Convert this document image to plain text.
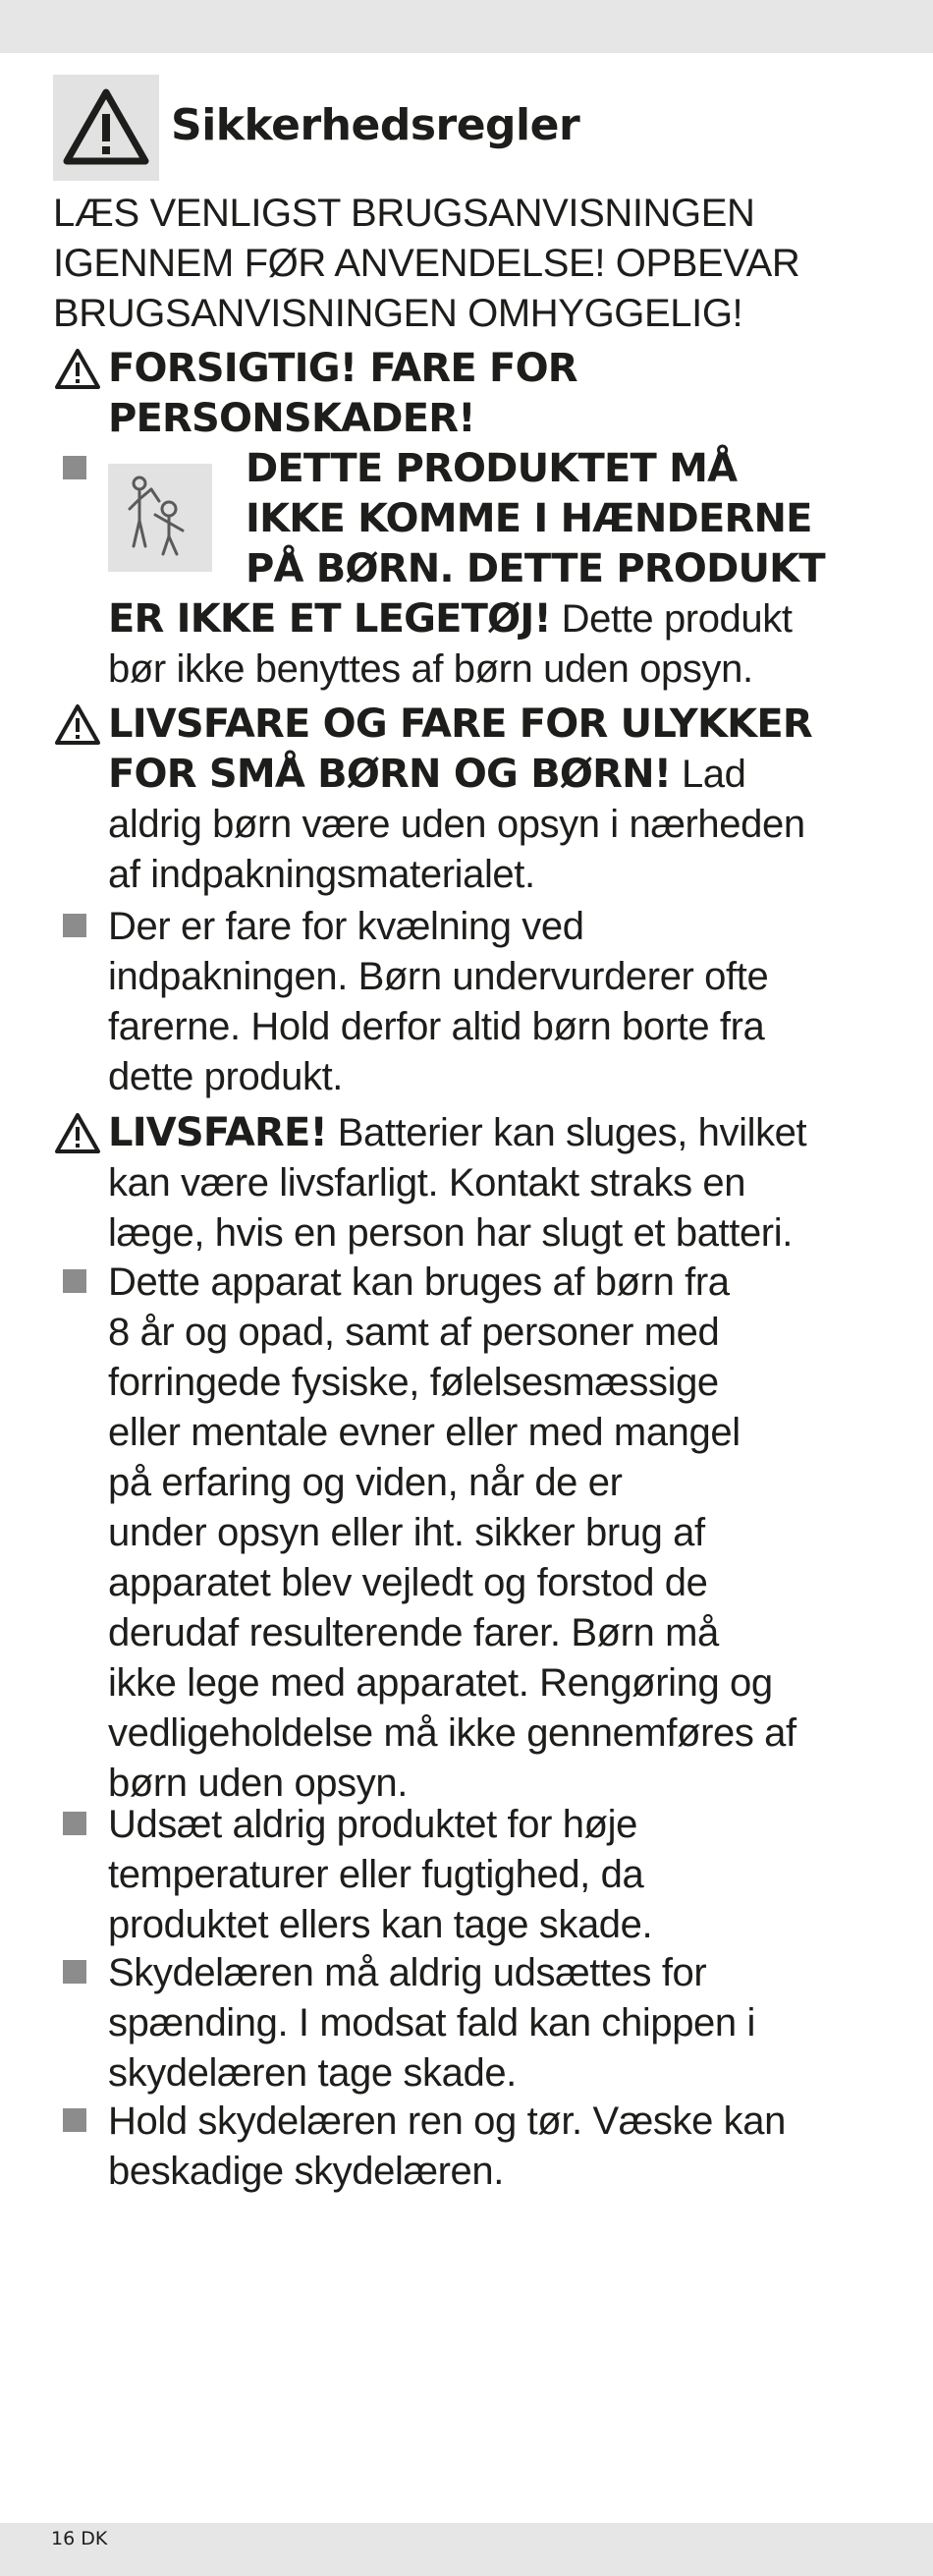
Sikkerhedsregler
LÆS VENLIGST BRUGSANVISNINGEN
IGENNEM FØR ANVENDELSE! OPBEVAR
BRUGSANVISNINGEN OMHYGGELIG!
FORSIGTIG! FARE FOR
PERSONSKADER!
DETTE PRODUKTET MÅ
IKKE KOMME I HÆNDERNE
PÅ BØRN. DETTE PRODUKT
ER IKKE ET LEGETØJ! Dette produkt
bør ikke benyttes af børn uden opsyn.
LIVSFARE OG FARE FOR ULYKKER
FOR SMÅ BØRN OG BØRN! Lad
aldrig børn være uden opsyn i nærheden
af indpakningsmaterialet.
Der er fare for kvælning ved
indpakningen. Børn undervurderer ofte
farerne. Hold derfor altid børn borte fra
dette produkt.
LIVSFARE! Batterier kan sluges, hvilket
kan være livsfarligt. Kontakt straks en
læge, hvis en person har slugt et batteri.
Dette apparat kan bruges af børn fra
8 år og opad, samt af personer med
forringede fysiske, følelsesmæssige
eller mentale evner eller med mangel
på erfaring og viden, når de er
under opsyn eller iht. sikker brug af
apparatet blev vejledt og forstod de
derudaf resulterende farer. Børn må
ikke lege med apparatet. Rengøring og
vedligeholdelse må ikke gennemføres af
børn uden opsyn.
Udsæt aldrig produktet for høje
temperaturer eller fugtighed, da
produktet ellers kan tage skade.
Skydelæren må aldrig udsættes for
spænding. I modsat fald kan chippen i
skydelæren tage skade.
Hold skydelæren ren og tør. Væske kan
beskadige skydelæren.
16 DK
